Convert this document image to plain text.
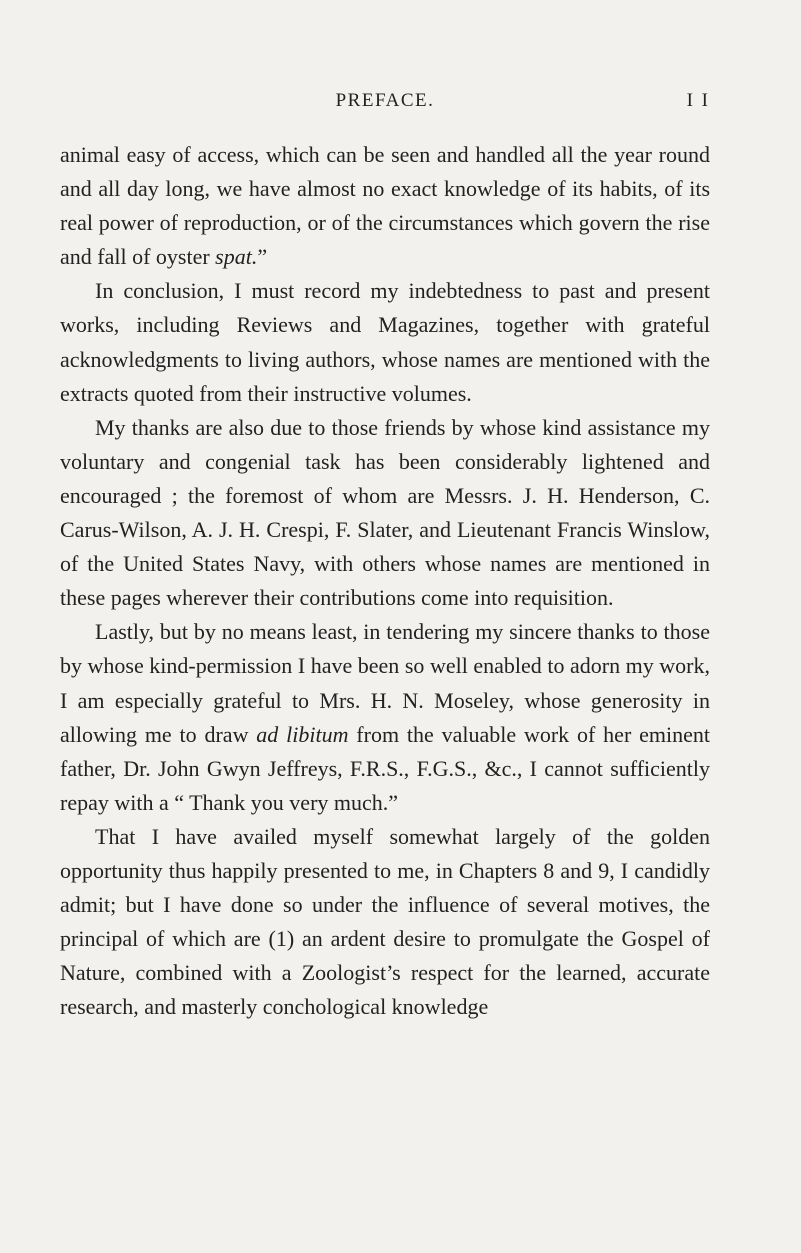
PREFACE.	I I

animal easy of access, which can be seen and handled all the year round and all day long, we have almost no exact knowledge of its habits, of its real power of reproduction, or of the circumstances which govern the rise and fall of oyster spat.”

In conclusion, I must record my indebtedness to past and present works, including Reviews and Magazines, together with grateful acknowledgments to living authors, whose names are mentioned with the extracts quoted from their instructive volumes.

My thanks are also due to those friends by whose kind assistance my voluntary and congenial task has been considerably lightened and encouraged ; the foremost of whom are Messrs. J. H. Henderson, C. Carus-Wilson, A. J. H. Crespi, F. Slater, and Lieutenant Francis Winslow, of the United States Navy, with others whose names are mentioned in these pages wherever their contributions come into requisition.

Lastly, but by no means least, in tendering my sincere thanks to those by whose kind-permission I have been so well enabled to adorn my work, I am especially grateful to Mrs. H. N. Moseley, whose generosity in allowing me to draw ad libitum from the valuable work of her eminent father, Dr. John Gwyn Jeffreys, F.R.S., F.G.S., &c., I cannot sufficiently repay with a “ Thank you very much.”

That I have availed myself somewhat largely of the golden opportunity thus happily presented to me, in Chapters 8 and 9, I candidly admit; but I have done so under the influence of several motives, the principal of which are (1) an ardent desire to promulgate the Gospel of Nature, combined with a Zoologist’s respect for the learned, accurate research, and masterly conchological knowledge
